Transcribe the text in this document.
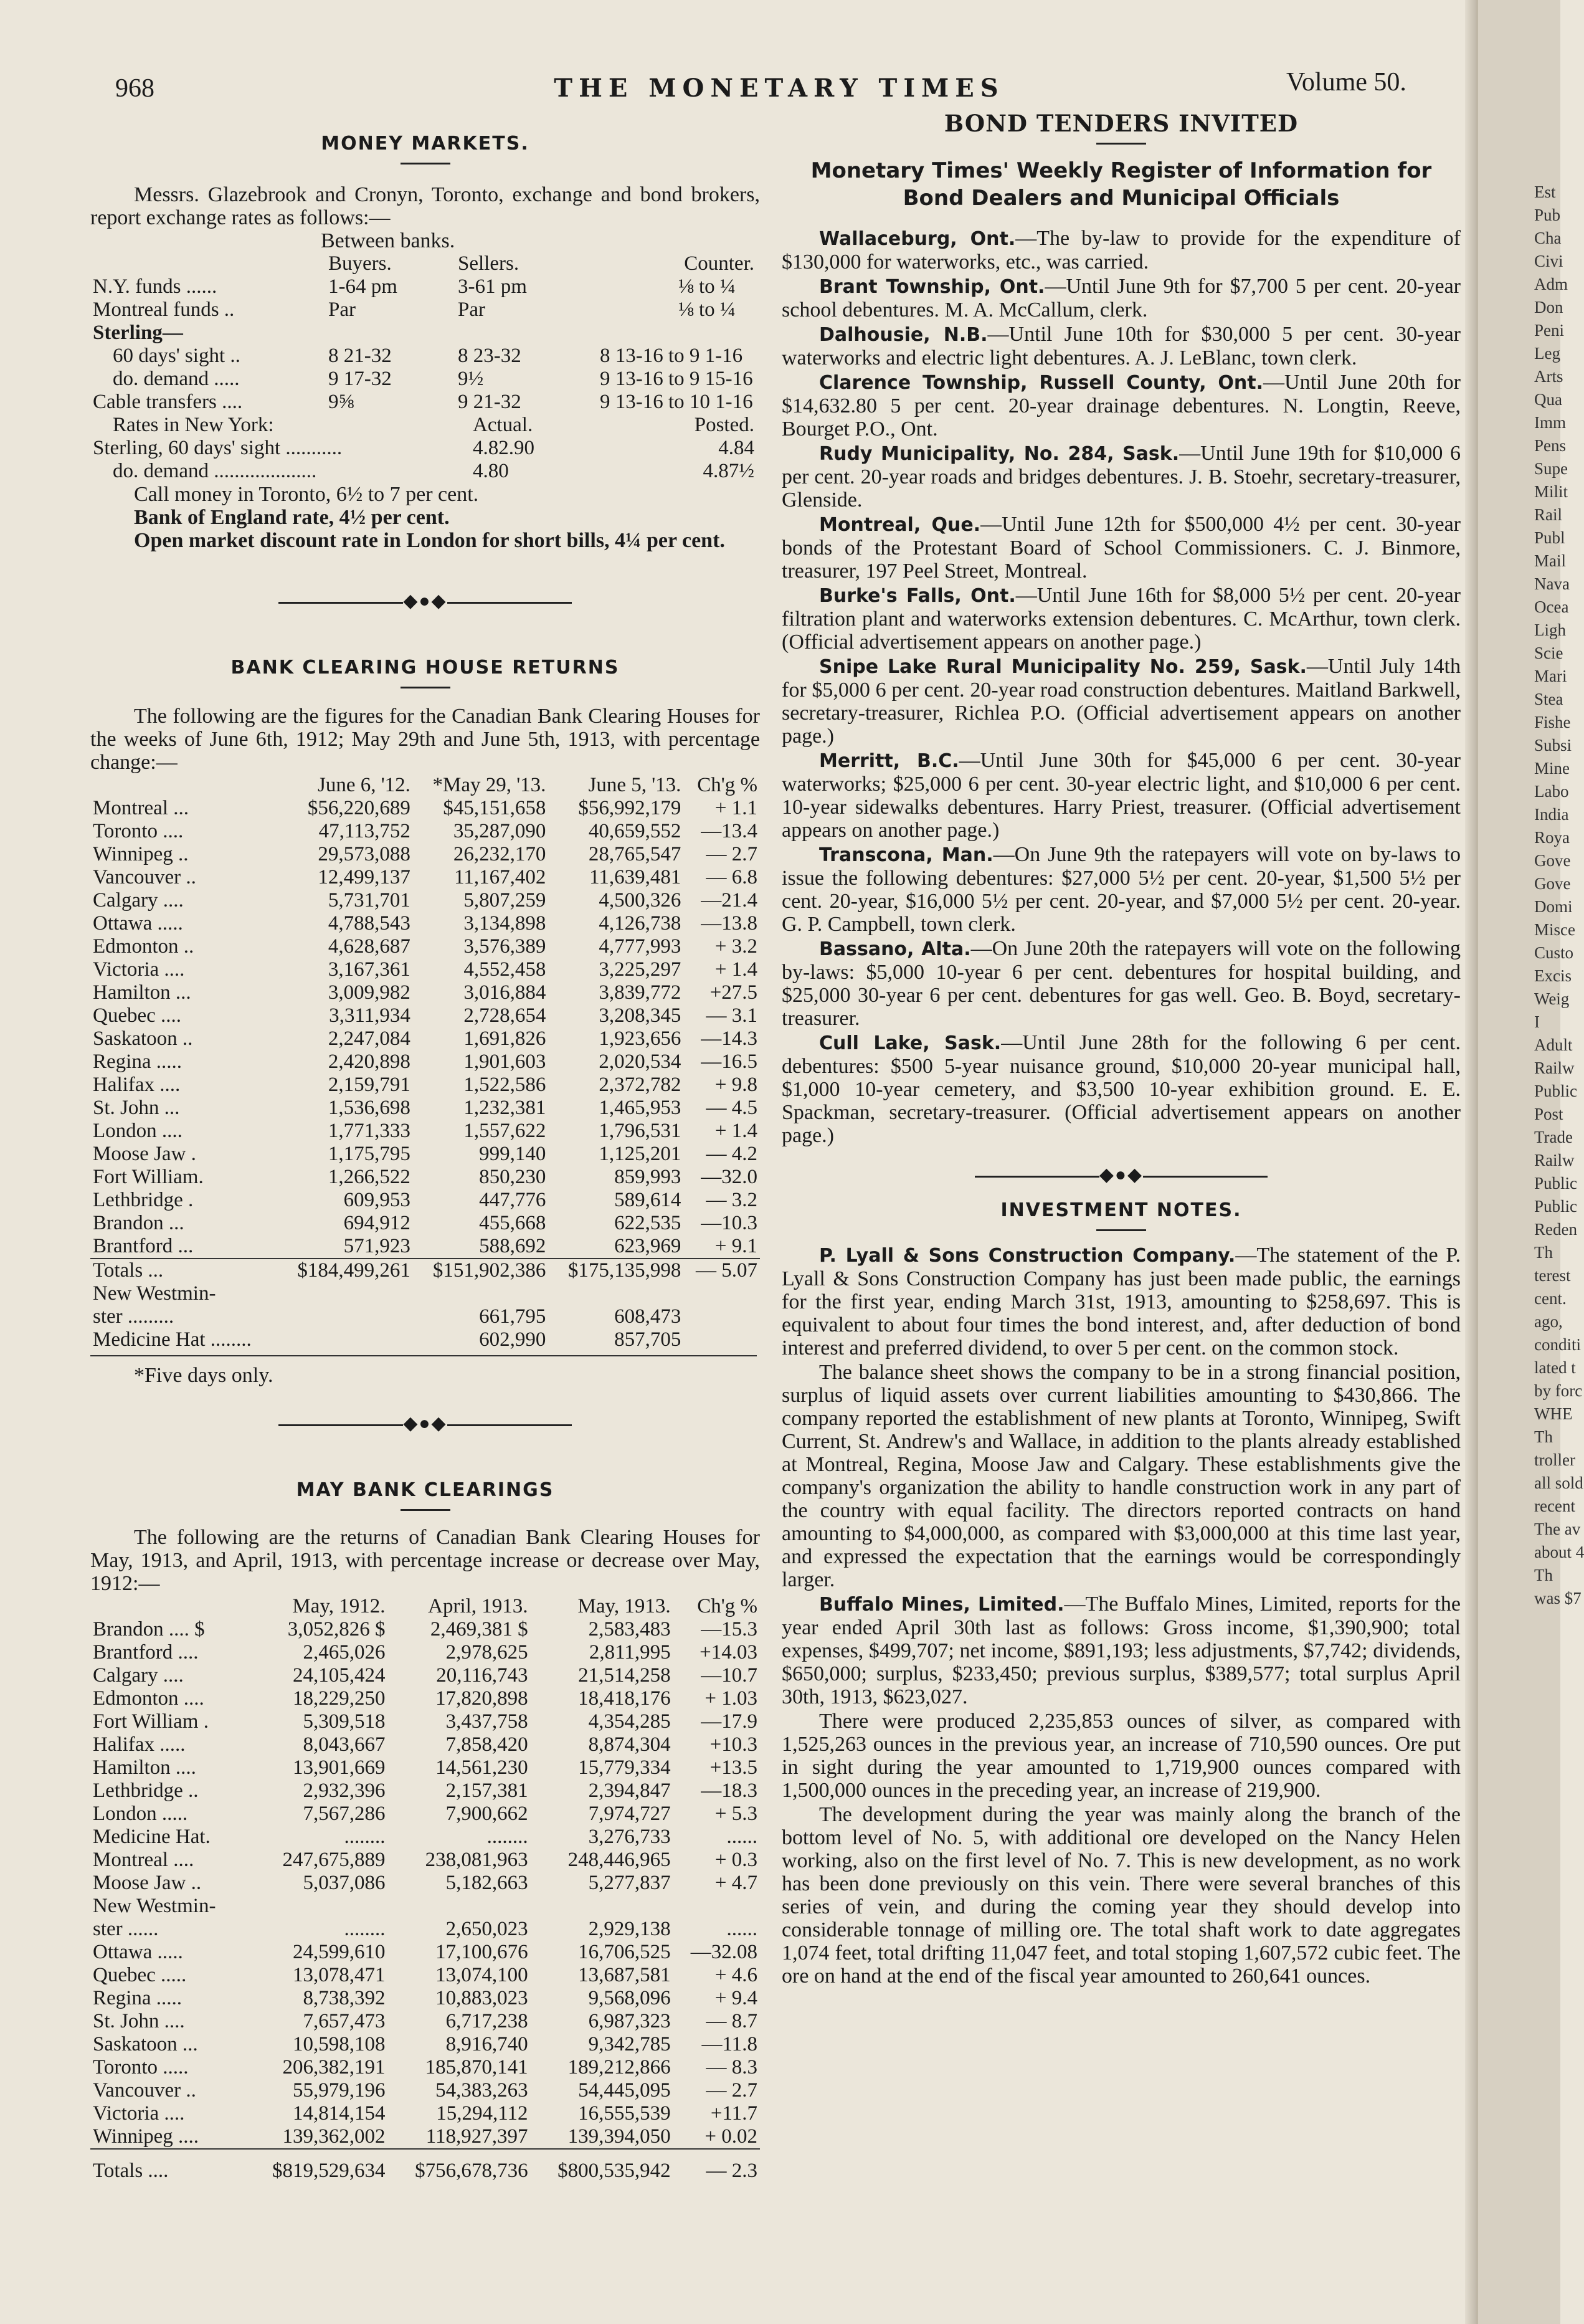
968	THE MONETARY TIMES	Volume 50.

MONEY MARKETS.

Messrs. Glazebrook and Cronyn, Toronto, exchange and bond brokers, report exchange rates as follows:—

Between banks.
	Buyers.	Sellers.	Counter.
N.Y. funds ......	1-64 pm	3-61 pm	⅛ to ¼
Montreal funds ..	Par	Par	⅛ to ¼
Sterling—			
60 days' sight ..	8 21-32	8 23-32	8 13-16 to 9 1-16
do. demand .....	9 17-32	9½	9 13-16 to 9 15-16
Cable transfers ....	9⅝	9 21-32	9 13-16 to 10 1-16
Rates in New York:	Actual.	Posted.
Sterling, 60 days' sight ...........	4.82.90	4.84
do. demand ....................	4.80	4.87½

Call money in Toronto, 6½ to 7 per cent.

Bank of England rate, 4½ per cent.

Open market discount rate in London for short bills, 4¼ per cent.

◆●◆

BANK CLEARING HOUSE RETURNS

The following are the figures for the Canadian Bank Clearing Houses for the weeks of June 6th, 1912; May 29th and June 5th, 1913, with percentage change:—

	June 6, '12.	*May 29, '13.	June 5, '13.	Ch'g %
Montreal ...	$56,220,689	$45,151,658	$56,992,179	+ 1.1
Toronto ....	47,113,752	35,287,090	40,659,552	—13.4
Winnipeg ..	29,573,088	26,232,170	28,765,547	— 2.7
Vancouver ..	12,499,137	11,167,402	11,639,481	— 6.8
Calgary ....	5,731,701	5,807,259	4,500,326	—21.4
Ottawa .....	4,788,543	3,134,898	4,126,738	—13.8
Edmonton ..	4,628,687	3,576,389	4,777,993	+ 3.2
Victoria ....	3,167,361	4,552,458	3,225,297	+ 1.4
Hamilton ...	3,009,982	3,016,884	3,839,772	+27.5
Quebec ....	3,311,934	2,728,654	3,208,345	— 3.1
Saskatoon ..	2,247,084	1,691,826	1,923,656	—14.3
Regina .....	2,420,898	1,901,603	2,020,534	—16.5
Halifax ....	2,159,791	1,522,586	2,372,782	+ 9.8
St. John ...	1,536,698	1,232,381	1,465,953	— 4.5
London ....	1,771,333	1,557,622	1,796,531	+ 1.4
Moose Jaw .	1,175,795	999,140	1,125,201	— 4.2
Fort William.	1,266,522	850,230	859,993	—32.0
Lethbridge .	609,953	447,776	589,614	— 3.2
Brandon ...	694,912	455,668	622,535	—10.3
Brantford ...	571,923	588,692	623,969	+ 9.1
Totals ...	$184,499,261	$151,902,386	$175,135,998	— 5.07
New Westmin-				
ster .........		661,795	608,473	
Medicine Hat ........		602,990	857,705	

*Five days only.

◆●◆

MAY BANK CLEARINGS

The following are the returns of Canadian Bank Clearing Houses for May, 1913, and April, 1913, with percentage increase or decrease over May, 1912:—

	May, 1912.	April, 1913.	May, 1913.	Ch'g %
Brandon .... $	3,052,826 $	2,469,381 $	2,583,483	—15.3
Brantford ....	2,465,026	2,978,625	2,811,995	+14.03
Calgary ....	24,105,424	20,116,743	21,514,258	—10.7
Edmonton ....	18,229,250	17,820,898	18,418,176	+ 1.03
Fort William .	5,309,518	3,437,758	4,354,285	—17.9
Halifax .....	8,043,667	7,858,420	8,874,304	+10.3
Hamilton ....	13,901,669	14,561,230	15,779,334	+13.5
Lethbridge ..	2,932,396	2,157,381	2,394,847	—18.3
London .....	7,567,286	7,900,662	7,974,727	+ 5.3
Medicine Hat.	........	........	3,276,733	......
Montreal ....	247,675,889	238,081,963	248,446,965	+ 0.3
Moose Jaw ..	5,037,086	5,182,663	5,277,837	+ 4.7
New Westmin-				
ster ......	........	2,650,023	2,929,138	......
Ottawa .....	24,599,610	17,100,676	16,706,525	—32.08
Quebec .....	13,078,471	13,074,100	13,687,581	+ 4.6
Regina .....	8,738,392	10,883,023	9,568,096	+ 9.4
St. John ....	7,657,473	6,717,238	6,987,323	— 8.7
Saskatoon ...	10,598,108	8,916,740	9,342,785	—11.8
Toronto .....	206,382,191	185,870,141	189,212,866	— 8.3
Vancouver ..	55,979,196	54,383,263	54,445,095	— 2.7
Victoria ....	14,814,154	15,294,112	16,555,539	+11.7
Winnipeg ....	139,362,002	118,927,397	139,394,050	+ 0.02
Totals ....	$819,529,634	$756,678,736	$800,535,942	— 2.3

BOND TENDERS INVITED

Monetary Times' Weekly Register of Information for

Bond Dealers and Municipal Officials

Wallaceburg, Ont.—The by-law to provide for the expenditure of $130,000 for waterworks, etc., was carried.

Brant Township, Ont.—Until June 9th for $7,700 5 per cent. 20-year school debentures. M. A. McCallum, clerk.

Dalhousie, N.B.—Until June 10th for $30,000 5 per cent. 30-year waterworks and electric light debentures. A. J. LeBlanc, town clerk.

Clarence Township, Russell County, Ont.—Until June 20th for $14,632.80 5 per cent. 20-year drainage debentures. N. Longtin, Reeve, Bourget P.O., Ont.

Rudy Municipality, No. 284, Sask.—Until June 19th for $10,000 6 per cent. 20-year roads and bridges debentures. J. B. Stoehr, secretary-treasurer, Glenside.

Montreal, Que.—Until June 12th for $500,000 4½ per cent. 30-year bonds of the Protestant Board of School Commissioners. C. J. Binmore, treasurer, 197 Peel Street, Montreal.

Burke's Falls, Ont.—Until June 16th for $8,000 5½ per cent. 20-year filtration plant and waterworks extension debentures. C. McArthur, town clerk. (Official advertisement appears on another page.)

Snipe Lake Rural Municipality No. 259, Sask.—Until July 14th for $5,000 6 per cent. 20-year road construction debentures. Maitland Barkwell, secretary-treasurer, Richlea P.O. (Official advertisement appears on another page.)

Merritt, B.C.—Until June 30th for $45,000 6 per cent. 30-year waterworks; $25,000 6 per cent. 30-year electric light, and $10,000 6 per cent. 10-year sidewalks debentures. Harry Priest, treasurer. (Official advertisement appears on another page.)

Transcona, Man.—On June 9th the ratepayers will vote on by-laws to issue the following debentures: $27,000 5½ per cent. 20-year, $1,500 5½ per cent. 20-year, $16,000 5½ per cent. 20-year, and $7,000 5½ per cent. 20-year. G. P. Campbell, town clerk.

Bassano, Alta.—On June 20th the ratepayers will vote on the following by-laws: $5,000 10-year 6 per cent. debentures for hospital building, and $25,000 30-year 6 per cent. debentures for gas well. Geo. B. Boyd, secretary-treasurer.

Cull Lake, Sask.—Until June 28th for the following 6 per cent. debentures: $500 5-year nuisance ground, $10,000 20-year municipal hall, $1,000 10-year cemetery, and $3,500 10-year exhibition ground. E. E. Spackman, secretary-treasurer. (Official advertisement appears on another page.)

◆●◆

INVESTMENT NOTES.

P. Lyall & Sons Construction Company.—The statement of the P. Lyall & Sons Construction Company has just been made public, the earnings for the first year, ending March 31st, 1913, amounting to $258,697. This is equivalent to about four times the bond interest, and, after deduction of bond interest and preferred dividend, to over 5 per cent. on the common stock.

The balance sheet shows the company to be in a strong financial position, surplus of liquid assets over current liabilities amounting to $430,866. The company reported the establishment of new plants at Toronto, Winnipeg, Swift Current, St. Andrew's and Wallace, in addition to the plants already established at Montreal, Regina, Moose Jaw and Calgary. These establishments give the company's organization the ability to handle construction work in any part of the country with equal facility. The directors reported contracts on hand amounting to $4,000,000, as compared with $3,000,000 at this time last year, and expressed the expectation that the earnings would be correspondingly larger.

Buffalo Mines, Limited.—The Buffalo Mines, Limited, reports for the year ended April 30th last as follows: Gross income, $1,390,900; total expenses, $499,707; net income, $891,193; less adjustments, $7,742; dividends, $650,000; surplus, $233,450; previous surplus, $389,577; total surplus April 30th, 1913, $623,027.

There were produced 2,235,853 ounces of silver, as compared with 1,525,263 ounces in the previous year, an increase of 710,590 ounces. Ore put in sight during the year amounted to 1,719,900 ounces compared with 1,500,000 ounces in the preceding year, an increase of 219,900.

The development during the year was mainly along the branch of the bottom level of No. 5, with additional ore developed on the Nancy Helen working, also on the first level of No. 7. This is new development, as no work has been done previously on this vein. There were several branches of this series of vein, and during the coming year they should develop into considerable tonnage of milling ore. The total shaft work to date aggregates 1,074 feet, total drifting 11,047 feet, and total stoping 1,607,572 cubic feet. The ore on hand at the end of the fiscal year amounted to 260,641 ounces.

Est
Pub
Cha
Civi
Adm
Don
Peni
Leg
Arts
Qua
Imm
Pens
Supe
Milit
Rail
Publ
Mail
Nava
Ocea
Ligh
Scie
Mari
Stea
Fishe
Subsi
Mine
Labo
India
Roya
Gove
Gove
Domi
Misce
Custo
Excis
Weig
I
Adult
Railw
Public
Post
Trade
Railw
Public
Public
Reden
Th
terest
cent.
ago,
conditi
lated t
by forc
WHE
Th
troller
all sold
recent
The av
about 4
Th
was $7
